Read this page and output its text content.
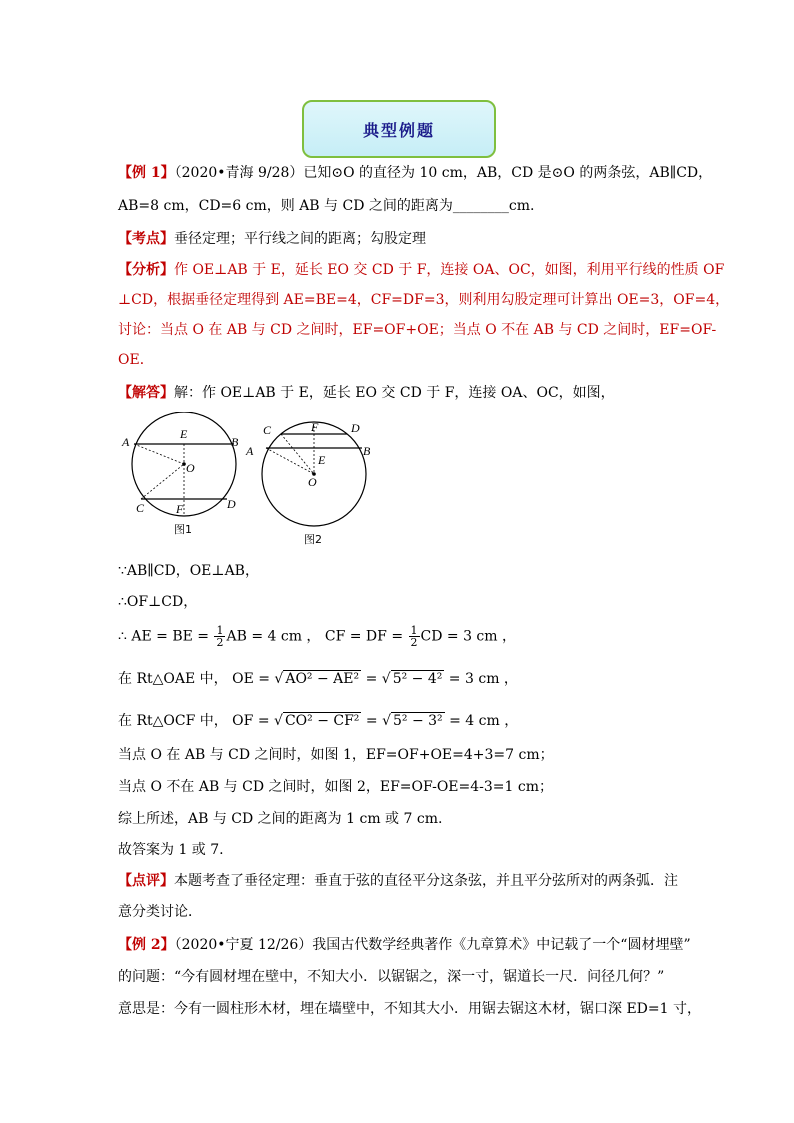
典型例题
【例 1】（2020•青海 9/28）已知⊙O 的直径为 10 cm，AB，CD 是⊙O 的两条弦，AB∥CD，
AB=8 cm，CD=6 cm，则 AB 与 CD 之间的距离为________cm.
【考点】垂径定理；平行线之间的距离；勾股定理
【分析】作 OE⊥AB 于 E，延长 EO 交 CD 于 F，连接 OA、OC，如图，利用平行线的性质 OF
⊥CD，根据垂径定理得到 AE=BE=4，CF=DF=3，则利用勾股定理可计算出 OE=3，OF=4，
讨论：当点 O 在 AB 与 CD 之间时，EF=OF+OE；当点 O 不在 AB 与 CD 之间时，EF=OF-
OE．
【解答】解：作 OE⊥AB 于 E，延长 EO 交 CD 于 F，连接 OA、OC，如图，
A
E
B
O
C	F	D
图1
C	F	D
A
E
B
O
图2
∵AB∥CD，OE⊥AB，
∴OF⊥CD，
∴ AE = BE = $\frac{1}{2}$ AB = 4 cm ， CF = DF = $\frac{1}{2}$ CD = 3 cm ，
在 Rt△OAE 中， OE = √ AO² − AE² = √ 5² − 4² = 3 cm ，
在 Rt△OCF 中， OF = √ CO² − CF² = √ 5² − 3² = 4 cm ，
当点 O 在 AB 与 CD 之间时，如图 1，EF=OF+OE=4+3=7 cm；
当点 O 不在 AB 与 CD 之间时，如图 2，EF=OF-OE=4-3=1 cm；
综上所述，AB 与 CD 之间的距离为 1 cm 或 7 cm.
故答案为 1 或 7.
【点评】本题考查了垂径定理：垂直于弦的直径平分这条弦，并且平分弦所对的两条弧．注
意分类讨论．
【例 2】（2020•宁夏 12/26）我国古代数学经典著作《九章算术》中记载了一个“圆材埋壁”
的问题：“今有圆材埋在壁中，不知大小．以锯锯之，深一寸，锯道长一尺．问径几何？”
意思是：今有一圆柱形木材，埋在墙壁中，不知其大小．用锯去锯这木材，锯口深 ED=1 寸，
